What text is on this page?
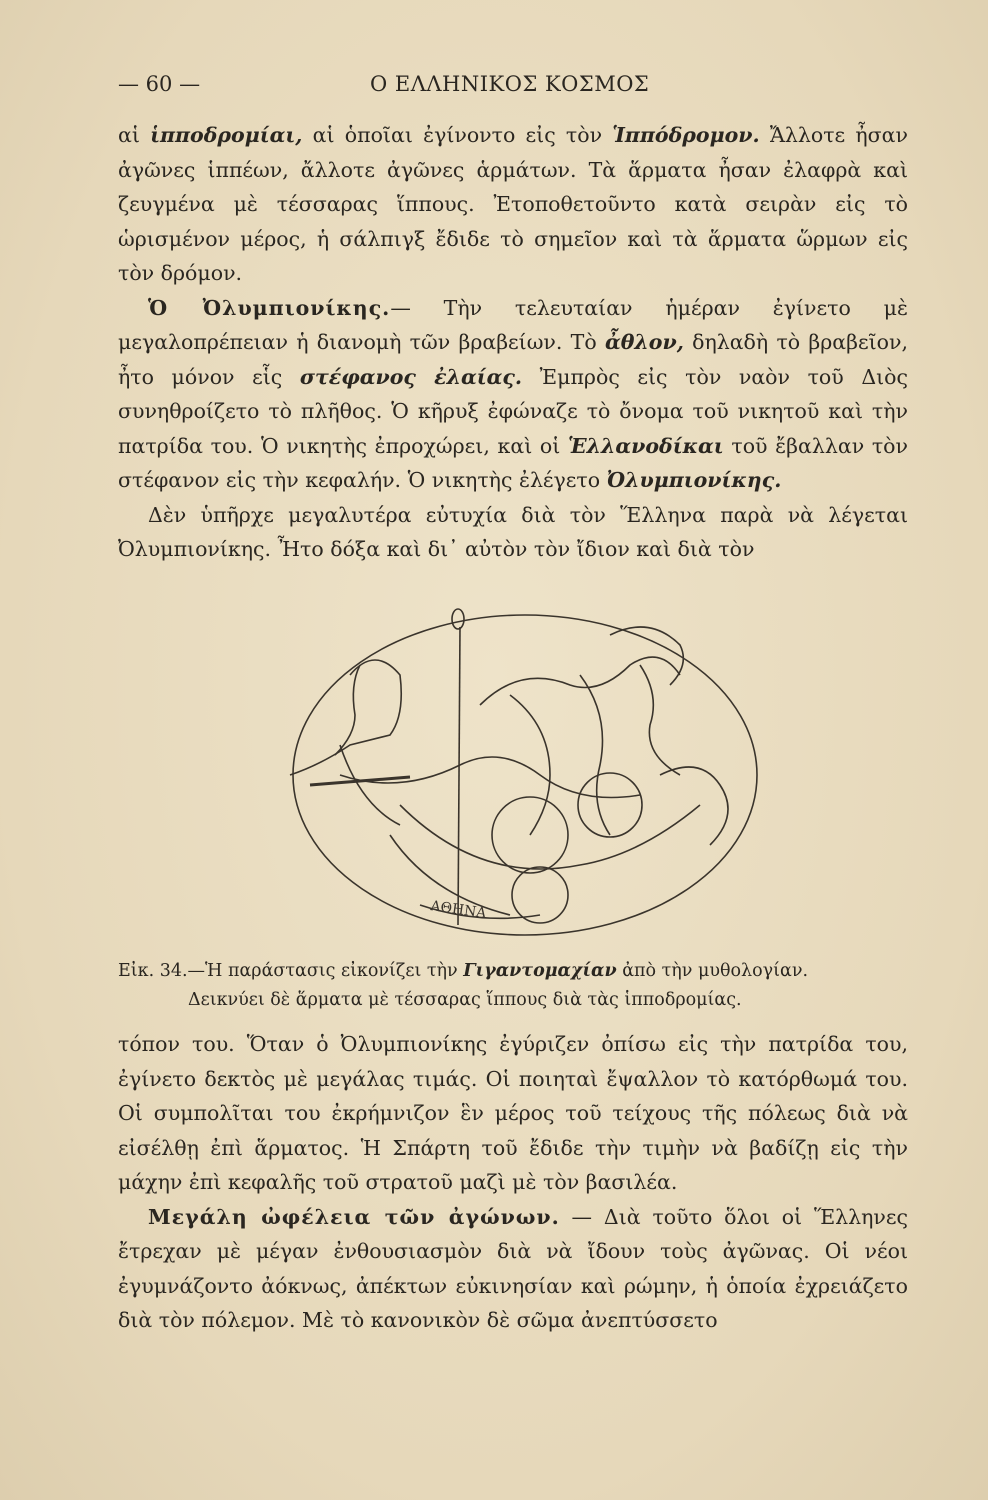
— 60 —	Ο ΕΛΛΗΝΙΚΟΣ ΚΟΣΜΟΣ

αἱ ἱπποδρομίαι, αἱ ὁποῖαι ἐγίνοντο εἰς τὸν Ἱππόδρομον. Ἄλλοτε ἦσαν ἀγῶνες ἱππέων, ἄλλοτε ἀγῶνες ἁρμάτων. Τὰ ἅρματα ἦσαν ἐλαφρὰ καὶ ζευγμένα μὲ τέσσαρας ἵππους. Ἐτοποθετοῦντο κατὰ σειρὰν εἰς τὸ ὡρισμένον μέρος, ἡ σάλπιγξ ἔδιδε τὸ σημεῖον καὶ τὰ ἅρματα ὥρμων εἰς τὸν δρόμον.

Ὁ Ὀλυμπιονίκης.— Τὴν τελευταίαν ἡμέραν ἐγίνετο μὲ μεγαλοπρέπειαν ἡ διανομὴ τῶν βραβείων. Τὸ ἆθλον, δηλαδὴ τὸ βραβεῖον, ἦτο μόνον εἷς στέφανος ἐλαίας. Ἐμπρὸς εἰς τὸν ναὸν τοῦ Διὸς συνηθροίζετο τὸ πλῆθος. Ὁ κῆρυξ ἐφώναζε τὸ ὄνομα τοῦ νικητοῦ καὶ τὴν πατρίδα του. Ὁ νικητὴς ἐπροχώρει, καὶ οἱ Ἑλλανοδίκαι τοῦ ἔβαλλαν τὸν στέφανον εἰς τὴν κεφαλήν. Ὁ νικητὴς ἐλέγετο Ὀλυμπιονίκης.

Δὲν ὑπῆρχε μεγαλυτέρα εὐτυχία διὰ τὸν Ἕλληνα παρὰ νὰ λέγεται Ὀλυμπιονίκης. Ἦτο δόξα καὶ δι᾽ αὐτὸν τὸν ἴδιον καὶ διὰ τὸν

ΑΘΗΝΑ
Εἰκ. 34.—Ἡ παράστασις εἰκονίζει τὴν Γιγαντομαχίαν ἀπὸ τὴν μυθολογίαν.
Δεικνύει δὲ ἅρματα μὲ τέσσαρας ἵππους διὰ τὰς ἱπποδρομίας.

τόπον του. Ὅταν ὁ Ὀλυμπιονίκης ἐγύριζεν ὀπίσω εἰς τὴν πατρίδα του, ἐγίνετο δεκτὸς μὲ μεγάλας τιμάς. Οἱ ποιηταὶ ἔψαλλον τὸ κατόρθωμά του. Οἱ συμπολῖται του ἐκρήμνιζον ἓν μέρος τοῦ τείχους τῆς πόλεως διὰ νὰ εἰσέλθῃ ἐπὶ ἅρματος. Ἡ Σπάρτη τοῦ ἔδιδε τὴν τιμὴν νὰ βαδίζῃ εἰς τὴν μάχην ἐπὶ κεφαλῆς τοῦ στρατοῦ μαζὶ μὲ τὸν βασιλέα.

Μεγάλη ὠφέλεια τῶν ἀγώνων. — Διὰ τοῦτο ὅλοι οἱ Ἕλληνες ἔτρεχαν μὲ μέγαν ἐνθουσιασμὸν διὰ νὰ ἴδουν τοὺς ἀγῶνας. Οἱ νέοι ἐγυμνάζοντο ἀόκνως, ἀπέκτων εὐκινησίαν καὶ ρώμην, ἡ ὁποία ἐχρειάζετο διὰ τὸν πόλεμον. Μὲ τὸ κανονικὸν δὲ σῶμα ἀνεπτύσσετο
